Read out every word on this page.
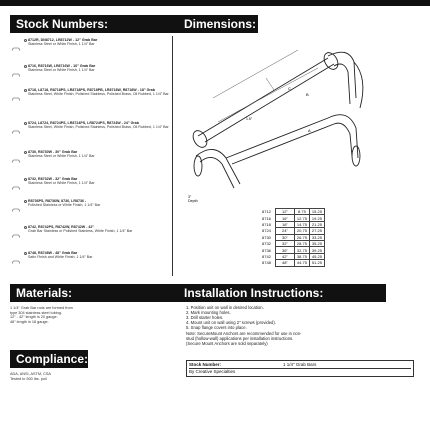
Stock Numbers:	Dimensions:
Materials:	Installation Instructions:
Compliance:
8712R, DN8712, LR8712W - 12" Grab Bar
Stainless Steel or White Finish, 1 1/4" Bar
8716, R8716W, LR8716W - 16" Grab Bar
Stainless Steel or White Finish, 1 1/4" Bar
8718, L8718, R8718PS, LR8718PS, R8718PB, LR8718W, R8718W - 18" Grab
Stainless Steel, White Finish, Polished Stainless, Polished Brass, Oil Rubbed, 1 1/4" Bar
8724, L8724, R8724PS, LR8724PS, LR8724PS, R8724W - 24" Grab
Stainless Steel, White Finish, Polished Stainless, Polished Brass, Oil Rubbed, 1 1/4" Bar
8730, R8730W - 30" Grab Bar
Stainless Steel or White Finish, 1 1/4" Bar
8732, R8732W - 32" Grab Bar
Stainless Steel or White Finish, 1 1/4" Bar
R8736PS, R8736W, 8736, LR8736 -
Polished Stainless or White Finish, 1 1/4" Bar
8742, R8742PS, R8742W, R8742W - 42"
Grab Bar Stainless or Polished Stainless, White Finish, 1 1/4" Bar
8748, R8748W - 48" Grab Bar
Satin Finish and White Finish, 1 1/4" Bar
C
B
A
1.5"
3"
Depth
8712	12"	8.75	15.25
8716	16"	12.75	19.25
8718	18"	14.75	21.25
8724	24"	20.75	27.25
8730	30"	26.75	33.25
8732	32"	28.75	35.25
8736	36"	32.75	39.25
8742	42"	38.75	45.25
8748	48"	44.75	51.25
1 1/4" Grab Bar rods are formed from
type 304 stainless steel tubing.
12" - 42" length is 20 gauge.
48" length is 18 gauge.
1. Position unit on wall in desired location.
2. Mark mounting holes.
3. Drill starter holes.
4. Mount unit on wall using 2" screws (provided).
5. Snap flange covers into place.
Note: SecureMount Anchors are recommended for use in non-
stud (hollow-wall) applications per installation instructions.
(Secure Mount Anchors are sold separately)
ADA, ANSI, ASTM, CSA
Tested to 500 lbs. pull
Stock Number:	1 1/4" Grab Bars
By Creative Specialties
